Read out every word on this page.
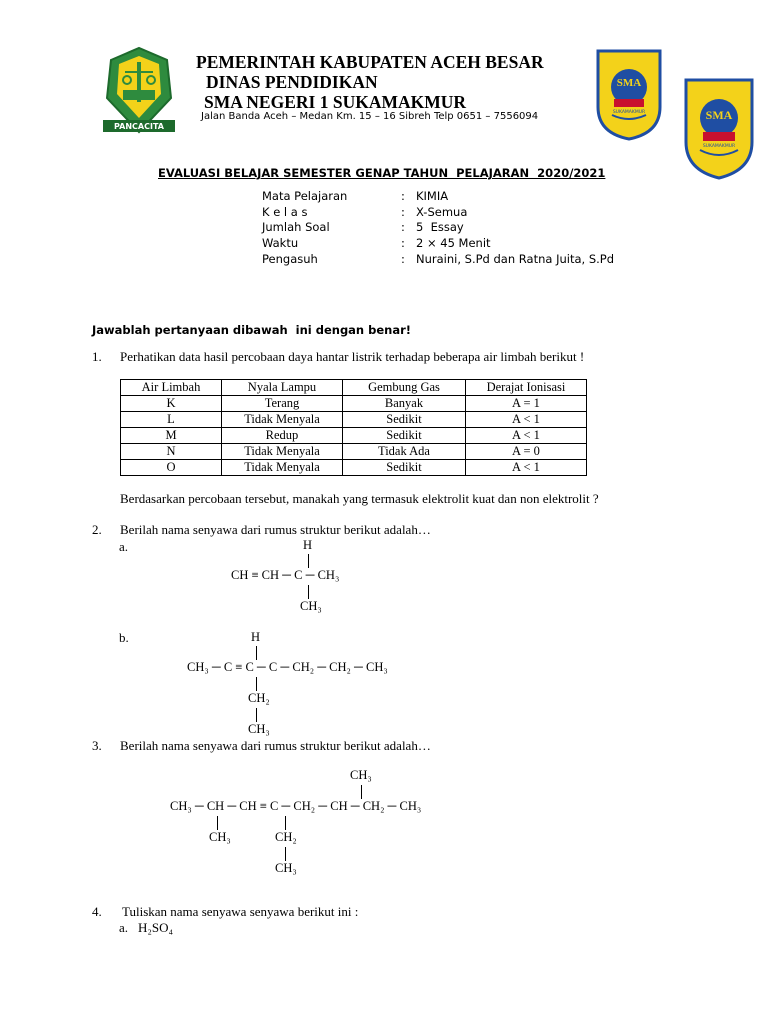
PANCACITA
PEMERINTAH KABUPATEN ACEH BESAR
DINAS PENDIDIKAN
SMA NEGERI 1 SUKAMAKMUR
Jalan Banda Aceh – Medan Km. 15 – 16 Sibreh Telp 0651 – 7556094
SMA
SUKAMAKMUR	SMA
SUKAMAKMUR
EVALUASI BELAJAR SEMESTER GENAP TAHUN  PELAJARAN  2020/2021
Mata Pelajaran	: KIMIA
K e l a s	: X-Semua
Jumlah Soal	: 5  Essay
Waktu	: 2 × 45 Menit
Pengasuh	: Nuraini, S.Pd dan Ratna Juita, S.Pd
Jawablah pertanyaan dibawah  ini dengan benar!
1. Perhatikan data hasil percobaan daya hantar listrik terhadap beberapa air limbah berikut !
Air Limbah	Nyala Lampu	Gembung Gas	Derajat Ionisasi
K	Terang	Banyak	A = 1
L	Tidak Menyala	Sedikit	A < 1
M	Redup	Sedikit	A < 1
N	Tidak Menyala	Tidak Ada	A = 0
O	Tidak Menyala	Sedikit	A < 1
Berdasarkan percobaan tersebut, manakah yang termasuk elektrolit kuat dan non elektrolit ?
2. Berilah nama senyawa dari rumus struktur berikut adalah…
a.	H
CH ≡ CH ─ C ─ CH₃
CH₃
b.	H
CH₃ ─ C ≡ C ─ C ─ CH₂ ─ CH₂ ─ CH₃
CH₂
CH₃
3. Berilah nama senyawa dari rumus struktur berikut adalah…
CH₃
CH₃ ─ CH ─ CH ≡ C ─ CH₂ ─ CH ─ CH₂ ─ CH₃
CH₃	CH₂
CH₃
4. Tuliskan nama senyawa senyawa berikut ini :
a. H₂SO₄
